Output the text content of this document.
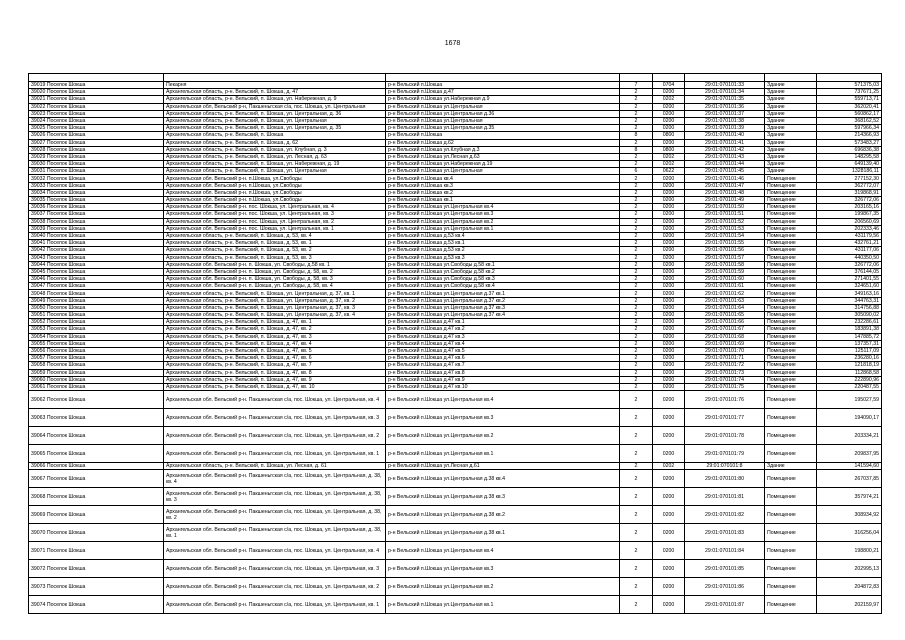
1678

39019 Поселок Шокша	Пекарня	р-н Вельский п.Шокша	7	0704	29:01:070101:33	Здание	571375,03
39020 Поселок Шокша	Архангельская область, р-н. Вельский, п. Шокша, д. 47	р-н Вельский п.Шокша д.47	2	0200	29:01:070101:34	Здание	737671,25
39021 Поселок Шокша	Архангельская область, р-н. Вельский, п. Шокша, ул. Набережная, д. 9	р-н Вельский п.Шокша ул.Набережная д.9	2	0202	29:01:070101:35	Здание	559713,71
39022 Поселок Шокша	Архангельская обл, Вельский р-н, Пакшеньгская с/а, пос. Шокша, ул. Центральная	р-н Вельский п.Шокша ул.Центральная	2	0200	29:01:070101:36	Здание	362020,41
39023 Поселок Шокша	Архангельская область, р-н. Вельский, п. Шокша, ул. Центральная, д. 36	р-н Вельский п.Шокша ул.Центральная д.36	2	0200	29:01:070101:37	Здание	560862,17
39024 Поселок Шокша	Архангельская область, р-н. Вельский, п. Шокша, ул. Центральная	р-н Вельский п.Шокша ул.Центральная	2	0200	29:01:070101:38	Здание	368162,52
39025 Поселок Шокша	Архангельская область, р-н. Вельский, п. Шокша, ул. Центральная, д. 35	р-н Вельский п.Шокша ул.Центральная д.35	2	0200	29:01:070101:39	Здание	597966,34
39026 Поселок Шокша	Архангельская область, р-н. Вельский, п. Шокша	р-н Вельский п.Шокша	8	0800	29:01:070101:40	Здание	214366,93
39027 Поселок Шокша	Архангельская область, р-н. Вельский, п. Шокша, д. 62	р-н Вельский п.Шокша д.62	2	0200	29:01:070101:41	Здание	573483,27
39028 Поселок Шокша	Архангельская область, р-н. Вельский, п. Шокша, ул. Клубная, д. 3	р-н Вельский п.Шокша ул.Клубная д.3	8	0800	29:01:070101:42	Здание	696836,38
39029 Поселок Шокша	Архангельская область, р-н. Вельский, п. Шокша, ул. Лесная, д. 63	р-н Вельский п.Шокша ул.Лесная д.63	2	0202	29:01:070101:43	Здание	148295,58
39030 Поселок Шокша	Архангельская область, р-н. Вельский, п. Шокша, ул. Набережная, д. 19	р-н Вельский п.Шокша ул.Набережная д.19	2	0202	29:01:070101:44	Здание	649139,40
39031 Поселок Шокша	Архангельская область, р-н. Вельский, п. Шокша, ул. Центральная	р-н Вельский п.Шокша ул.Центральная	6	0622	29:01:070101:45	Здание	1328186,11
39032 Поселок Шокша	Архангельская обл. Вельский р-н. п.Шокша, ул.Свободы	р-н Вельский п.Шокша кв.4	2	0200	29:01:070101:46	Помещение	277152,30
39033 Поселок Шокша	Архангельская обл. Вельский р-н. п.Шокша, ул.Свободы	р-н Вельский п.Шокша кв.3	2	0200	29:01:070101:47	Помещение	362772,07
39034 Поселок Шокша	Архангельская обл. Вельский р-н. п.Шокша, ул.Свободы	р-н Вельский п.Шокша кв.2	2	0200	29:01:070101:48	Помещение	319868,91
39035 Поселок Шокша	Архангельская обл. Вельский р-н. п.Шокша, ул.Свободы	р-н Вельский п.Шокша кв.1	2	0200	29:01:070101:49	Помещение	326772,06
39036 Поселок Шокша	Архангельская обл. Вельский р-н. пос. Шокша, ул. Центральная, кв. 4	р-н Вельский п.Шокша ул.Центральная кв.4	2	0200	29:01:070101:50	Помещение	203165,16
39037 Поселок Шокша	Архангельская обл. Вельский р-н. пос. Шокша, ул. Центральная, кв. 3	р-н Вельский п.Шокша ул.Центральная кв.3	2	0200	29:01:070101:51	Помещение	199867,35
39038 Поселок Шокша	Архангельская обл. Вельский р-н. пос. Шокша, ул. Центральная, кв. 2	р-н Вельский п.Шокша ул.Центральная кв.2	2	0200	29:01:070101:52	Помещение	206560,69
39039 Поселок Шокша	Архангельская обл. Вельский р-н. пос. Шокша, ул. Центральная, кв. 1	р-н Вельский п.Шокша ул.Центральная кв.1	2	0200	29:01:070101:53	Помещение	202333,46
39040 Поселок Шокша	Архангельская область, р-н. Вельский, п. Шокша, д. 53, кв. 4	р-н Вельский п.Шокша д.53 кв.4	2	0200	29:01:070101:54	Помещение	431179,56
39041 Поселок Шокша	Архангельская область, р-н. Вельский, п. Шокша, д. 53, кв. 1	р-н Вельский п.Шокша д.53 кв.1	2	0200	29:01:070101:55	Помещение	432761,21
39042 Поселок Шокша	Архангельская область, р-н. Вельский, п. Шокша, д. 53, кв. 2	р-н Вельский п.Шокша д.53 кв.2	2	0200	29:01:070101:56	Помещение	431177,06
39043 Поселок Шокша	Архангельская область, р-н. Вельский, п. Шокша, д. 53, кв. 3	р-н Вельский п.Шокша д.53 кв.3	2	0200	29:01:070101:57	Помещение	440350,50
39044 Поселок Шокша	Архангельская обл. Вельский р-н. п. Шокша, ул. Свободы, д.58 кв. 1	р-н Вельский п.Шокша ул.Свободы д.58 кв.1	2	0200	29:01:070101:58	Помещение	326772,06
39045 Поселок Шокша	Архангельская обл. Вельский р-н. п. Шокша, ул. Свободы, д. 58, кв. 2	р-н Вельский п.Шокша ул.Свободы д.58 кв.2	2	0200	29:01:070101:59	Помещение	376144,05
39046 Поселок Шокша	Архангельская обл. Вельский р-н. п. Шокша, ул. Свободы, д. 58, кв. 3	р-н Вельский п.Шокша ул.Свободы д.58 кв.3	2	0200	29:01:070101:60	Помещение	271401,55
39047 Поселок Шокша	Архангельская обл. Вельский р-н. п. Шокша, ул. Свободы, д. 58, кв. 4	р-н Вельский п.Шокша ул.Свободы д.58 кв.4	2	0200	29:01:070101:61	Помещение	324651,60
39048 Поселок Шокша	Архангельская область, р-н. Вельский, п. Шокша, ул. Центральная, д. 37, кв. 1	р-н Вельский п.Шокша ул.Центральная д.37 кв.1	2	0200	29:01:070101:62	Помещение	349163,16
39049 Поселок Шокша	Архангельская область, р-н. Вельский, п. Шокша, ул. Центральная, д. 37, кв. 2	р-н Вельский п.Шокша ул.Центральная д.37 кв.2	2	0200	29:01:070101:63	Помещение	344763,31
39050 Поселок Шокша	Архангельская область, р-н. Вельский, п. Шокша, ул. Центральная, д. 37, кв. 3	р-н Вельский п.Шокша ул.Центральная д.37 кв.3	2	0200	29:01:070101:64	Помещение	314756,88
39051 Поселок Шокша	Архангельская область, р-н. Вельский, п. Шокша, ул. Центральная, д. 37, кв. 4	р-н Вельский п.Шокша ул.Центральная д.37 кв.4	2	0200	29:01:070101:65	Помещение	305090,02
39052 Поселок Шокша	Архангельская область, р-н. Вельский, п. Шокша, д. 47, кв. 1	р-н Вельский п.Шокша д.47 кв.1	2	0200	29:01:070101:66	Помещение	232286,61
39053 Поселок Шокша	Архангельская область, р-н. Вельский, п. Шокша, д. 47, кв. 2	р-н Вельский п.Шокша д.47 кв.2	2	0200	29:01:070101:67	Помещение	183891,38
39054 Поселок Шокша	Архангельская область, р-н. Вельский, п. Шокша, д. 47, кв. 3	р-н Вельский п.Шокша д.47 кв.3	2	0200	29:01:070101:68	Помещение	147885,72
39055 Поселок Шокша	Архангельская область, р-н. Вельский, п. Шокша, д. 47, кв. 4	р-н Вельский п.Шокша д.47 кв.4	2	0200	29:01:070101:69	Помещение	137357,31
39056 Поселок Шокша	Архангельская область, р-н. Вельский, п. Шокша, д. 47, кв. 5	р-н Вельский п.Шокша д.47 кв.5	2	0200	29:01:070101:70	Помещение	125117,09
39057 Поселок Шокша	Архангельская область, р-н. Вельский, п. Шокша, д. 47, кв. 6	р-н Вельский п.Шокша д.47 кв.6	2	0200	29:01:070101:71	Помещение	236280,16
39058 Поселок Шокша	Архангельская область, р-н. Вельский, п. Шокша, д. 47, кв. 7	р-н Вельский п.Шокша д.47 кв.7	2	0200	29:01:070101:72	Помещение	121818,19
39059 Поселок Шокша	Архангельская область, р-н. Вельский, п. Шокша, д. 47, кв. 8	р-н Вельский п.Шокша д.47 кв.8	2	0200	29:01:070101:73	Помещение	112868,58
39060 Поселок Шокша	Архангельская область, р-н. Вельский, п. Шокша, д. 47, кв. 9	р-н Вельский п.Шокша д.47 кв.9	2	0200	29:01:070101:74	Помещение	222890,96
39061 Поселок Шокша	Архангельская область, р-н. Вельский, п. Шокша, д. 47, кв. 10	р-н Вельский п.Шокша д.47 кв.10	2	0200	29:01:070101:75	Помещение	220487,55
39062 Поселок Шокша	Архангельская обл. Вельский р-н. Пакшеньгская с/а, пос. Шокша, ул. Центральная, кв. 4	р-н Вельский п.Шокша ул.Центральная кв.4	2	0200	29:01:070101:76	Помещение	195027,59
39063 Поселок Шокша	Архангельская обл. Вельский р-н. Пакшеньгская с/а, пос. Шокша, ул. Центральная, кв. 3	р-н Вельский п.Шокша ул.Центральная кв.3	2	0200	29:01:070101:77	Помещение	194090,17
39064 Поселок Шокша	Архангельская обл. Вельский р-н. Пакшеньгская с/а, пос. Шокша, ул. Центральная, кв. 2	р-н Вельский п.Шокша ул.Центральная кв.2	2	0200	29:01:070101:78	Помещение	203334,21
39065 Поселок Шокша	Архангельская обл. Вельский р-н. Пакшеньгская с/а, пос. Шокша, ул. Центральная, кв. 1	р-н Вельский п.Шокша ул.Центральная кв.1	2	0200	29:01:070101:79	Помещение	209837,95
39066 Поселок Шокша	Архангельская область, р-н. Вельский, п. Шокша, ул. Лесная, д. 61	р-н Вельский п.Шокша ул.Лесная д.61	2	0202	29:01:070101:8	Здание	141594,60
39067 Поселок Шокша	Архангельская обл. Вельский р-н. Пакшеньгская с/а, пос. Шокша, ул. Центральная, д. 38, кв. 4	р-н Вельский п.Шокша ул.Центральная д.38 кв.4	2	0200	29:01:070101:80	Помещение	267037,85
39068 Поселок Шокша	Архангельская обл. Вельский р-н. Пакшеньгская с/а, пос. Шокша, ул. Центральная, д. 38, кв. 3	р-н Вельский п.Шокша ул.Центральная д.38 кв.3	2	0200	29:01:070101:81	Помещение	357974,21
39069 Поселок Шокша	Архангельская обл. Вельский р-н. Пакшеньгская с/а, пос. Шокша, ул. Центральная, д. 38, кв. 2	р-н Вельский п.Шокша ул.Центральная д.38 кв.2	2	0200	29:01:070101:82	Помещение	308934,92
39070 Поселок Шокша	Архангельская обл. Вельский р-н. Пакшеньгская с/а, пос. Шокша, ул. Центральная, д. 38, кв. 1	р-н Вельский п.Шокша ул.Центральная д.38 кв.1	2	0200	29:01:070101:83	Помещение	316256,04
39071 Поселок Шокша	Архангельская обл. Вельский р-н. Пакшеньгская с/а, пос. Шокша, ул. Центральная, кв. 4	р-н Вельский п.Шокша ул.Центральная кв.4	2	0200	29:01:070101:84	Помещение	198800,21
39072 Поселок Шокша	Архангельская обл. Вельский р-н. Пакшеньгская с/а, пос. Шокша, ул. Центральная, кв. 3	р-н Вельский п.Шокша ул.Центральная кв.3	2	0200	29:01:070101:85	Помещение	202995,13
39073 Поселок Шокша	Архангельская обл. Вельский р-н. Пакшеньгская с/а, пос. Шокша, ул. Центральная, кв. 2	р-н Вельский п.Шокша ул.Центральная кв.2	2	0200	29:01:070101:86	Помещение	204872,83
39074 Поселок Шокша	Архангельская обл. Вельский р-н. Пакшеньгская с/а, пос. Шокша, ул. Центральная, кв. 1	р-н Вельский п.Шокша ул.Центральная кв.1	2	0200	29:01:070101:87	Помещение	202159,97
